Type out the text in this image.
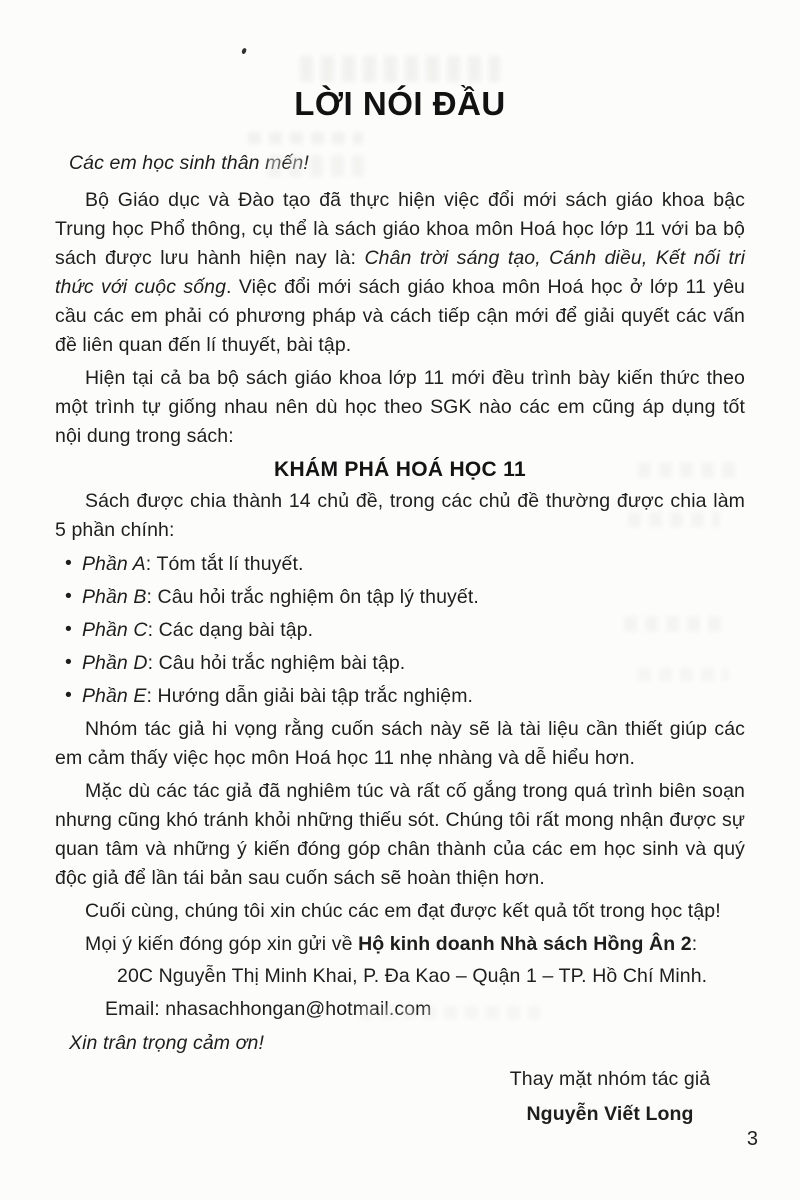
LỜI NÓI ĐẦU

Các em học sinh thân mến!

Bộ Giáo dục và Đào tạo đã thực hiện việc đổi mới sách giáo khoa bậc Trung học Phổ thông, cụ thể là sách giáo khoa môn Hoá học lớp 11 với ba bộ sách được lưu hành hiện nay là: Chân trời sáng tạo, Cánh diều, Kết nối tri thức với cuộc sống. Việc đổi mới sách giáo khoa môn Hoá học ở lớp 11 yêu cầu các em phải có phương pháp và cách tiếp cận mới để giải quyết các vấn đề liên quan đến lí thuyết, bài tập.

Hiện tại cả ba bộ sách giáo khoa lớp 11 mới đều trình bày kiến thức theo một trình tự giống nhau nên dù học theo SGK nào các em cũng áp dụng tốt nội dung trong sách:

KHÁM PHÁ HOÁ HỌC 11

Sách được chia thành 14 chủ đề, trong các chủ đề thường được chia làm 5 phần chính:

• Phần A: Tóm tắt lí thuyết.
• Phần B: Câu hỏi trắc nghiệm ôn tập lý thuyết.
• Phần C: Các dạng bài tập.
• Phần D: Câu hỏi trắc nghiệm bài tập.
• Phần E: Hướng dẫn giải bài tập trắc nghiệm.

Nhóm tác giả hi vọng rằng cuốn sách này sẽ là tài liệu cần thiết giúp các em cảm thấy việc học môn Hoá học 11 nhẹ nhàng và dễ hiểu hơn.

Mặc dù các tác giả đã nghiêm túc và rất cố gắng trong quá trình biên soạn nhưng cũng khó tránh khỏi những thiếu sót. Chúng tôi rất mong nhận được sự quan tâm và những ý kiến đóng góp chân thành của các em học sinh và quý độc giả để lần tái bản sau cuốn sách sẽ hoàn thiện hơn.

Cuối cùng, chúng tôi xin chúc các em đạt được kết quả tốt trong học tập!

Mọi ý kiến đóng góp xin gửi về Hộ kinh doanh Nhà sách Hồng Ân 2:

20C Nguyễn Thị Minh Khai, P. Đa Kao – Quận 1 – TP. Hồ Chí Minh.

Email: nhasachhongan@hotmail.com

Xin trân trọng cảm ơn!

Thay mặt nhóm tác giả

Nguyễn Viết Long

3
